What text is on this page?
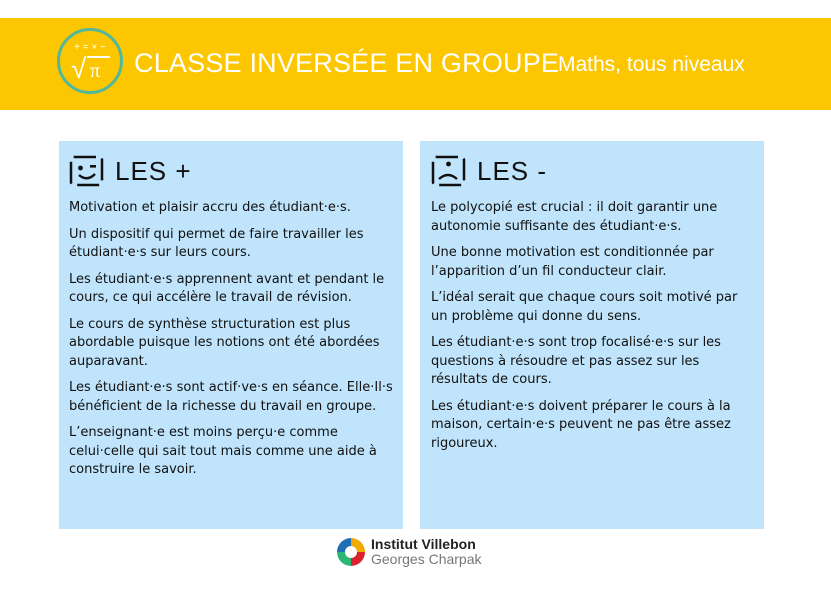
+ = × −
√ π CLASSE INVERSÉE EN GROUPE
Maths, tous niveaux
LES +

Motivation et plaisir accru des étudiant·e·s.

Un dispositif qui permet de faire travailler les étudiant·e·s sur leurs cours.

Les étudiant·e·s apprennent avant et pendant le cours, ce qui accélère le travail de révision.

Le cours de synthèse structuration est plus abordable puisque les notions ont été abordées auparavant.

Les étudiant·e·s sont actif·ve·s en séance. Elle·Il·s bénéficient de la richesse du travail en groupe.

L’enseignant·e est moins perçu·e comme celui·celle qui sait tout mais comme une aide à construire le savoir.

LES -

Le polycopié est crucial : il doit garantir une autonomie suffisante des étudiant·e·s.

Une bonne motivation est conditionnée par l’apparition d’un fil conducteur clair.

L’idéal serait que chaque cours soit motivé par un problème qui donne du sens.

Les étudiant·e·s sont trop focalisé·e·s sur les questions à résoudre et pas assez sur les résultats de cours.

Les étudiant·e·s doivent préparer le cours à la maison, certain·e·s peuvent ne pas être assez rigoureux.

Institut Villebon
Georges Charpak
